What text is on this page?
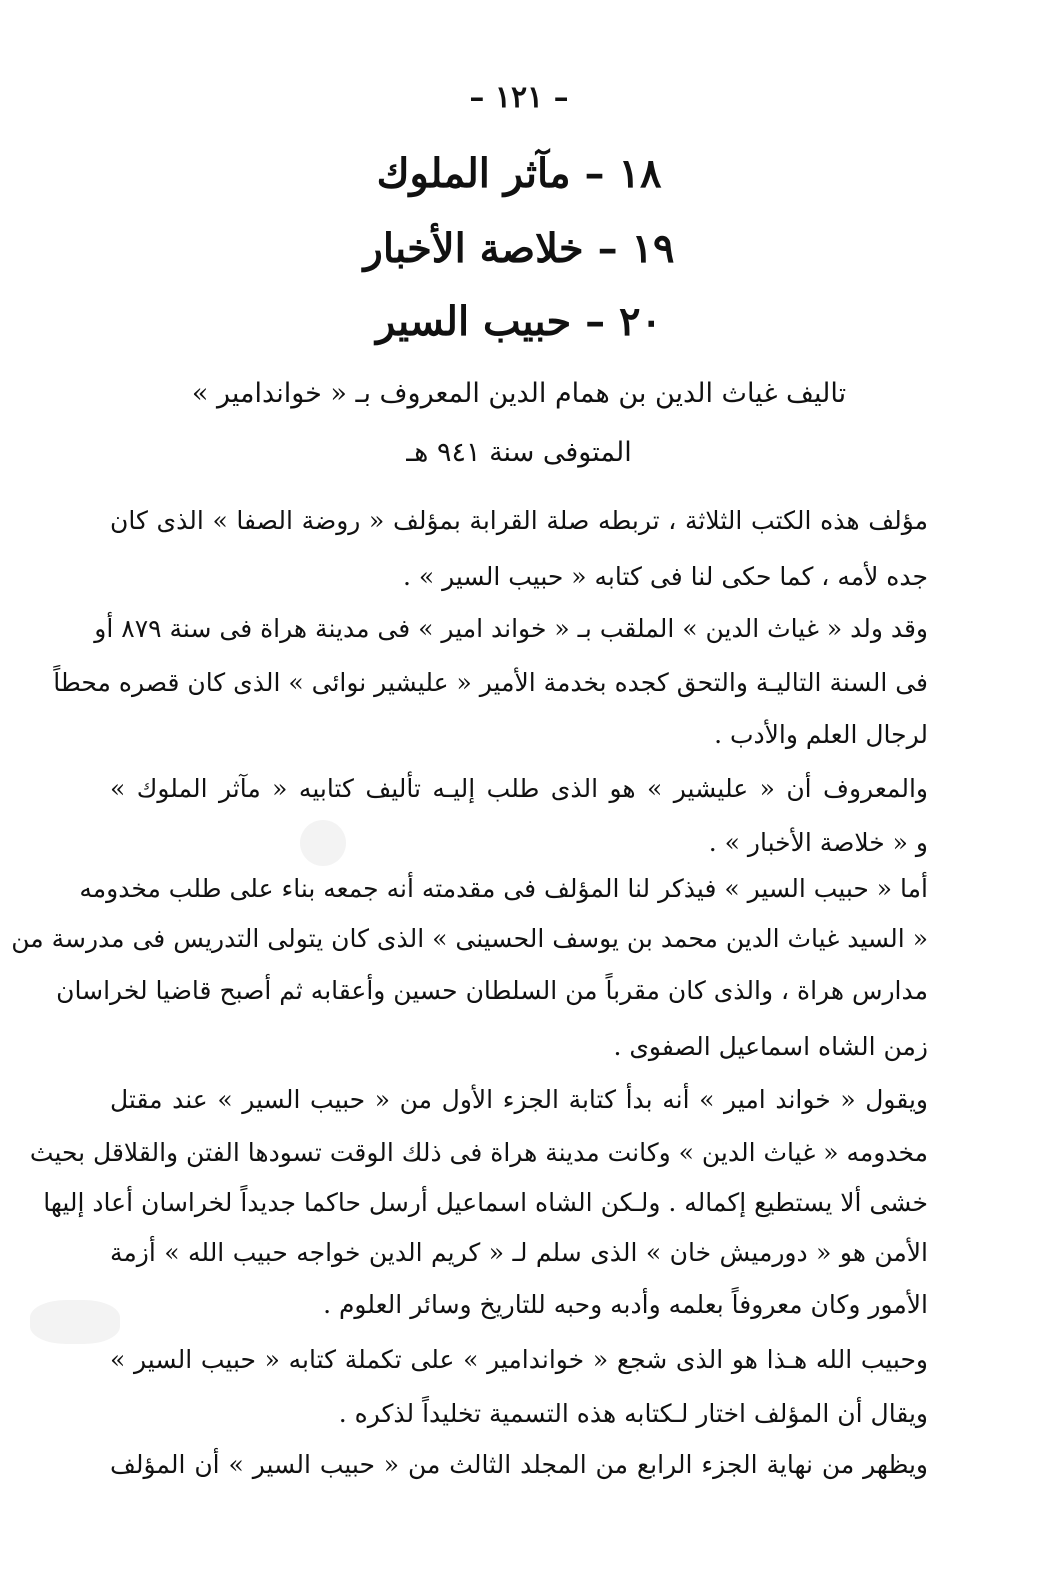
– ١٢١ –
١٨ – مآثر الملوك
١٩ – خلاصة الأخبار
٢٠ – حبيب السير
تاليف غياث الدين بن همام الدين المعروف بـ « خواندامير »
المتوفى سنة ٩٤١ هـ
مؤلف هذه الكتب الثلاثة ، تربطه صلة القرابة بمؤلف « روضة الصفا » الذى كان
جده لأمه ، كما حكى لنا فى كتابه « حبيب السير » .
وقد ولد « غياث الدين » الملقب بـ « خواند امير » فى مدينة هراة فى سنة ٨٧٩ أو
فى السنة التاليـة والتحق كجده بخدمة الأمير « عليشير نوائى » الذى كان قصره محطاً
لرجال العلم والأدب .
والمعروف أن « عليشير » هو الذى طلب إليـه تأليف كتابيه « مآثر الملوك »
و « خلاصة الأخبار » .
أما « حبيب السير » فيذكر لنا المؤلف فى مقدمته أنه جمعه بناء على طلب مخدومه
« السيد غياث الدين محمد بن يوسف الحسينى » الذى كان يتولى التدريس فى مدرسة من
مدارس هراة ، والذى كان مقرباً من السلطان حسين وأعقابه ثم أصبح قاضيا لخراسان
زمن الشاه اسماعيل الصفوى .
ويقول « خواند امير » أنه بدأ كتابة الجزء الأول من « حبيب السير » عند مقتل
مخدومه « غياث الدين » وكانت مدينة هراة فى ذلك الوقت تسودها الفتن والقلاقل بحيث
خشى ألا يستطيع إكماله . ولـكن الشاه اسماعيل أرسل حاكما جديداً لخراسان أعاد إليها
الأمن هو « دورميش خان » الذى سلم لـ « كريم الدين خواجه حبيب الله » أزمة
الأمور وكان معروفاً بعلمه وأدبه وحبه للتاريخ وسائر العلوم .
وحبيب الله هـذا هو الذى شجع « خواندامير » على تكملة كتابه « حبيب السير »
ويقال أن المؤلف اختار لـكتابه هذه التسمية تخليداً لذكره .
ويظهر من نهاية الجزء الرابع من المجلد الثالث من « حبيب السير » أن المؤلف
